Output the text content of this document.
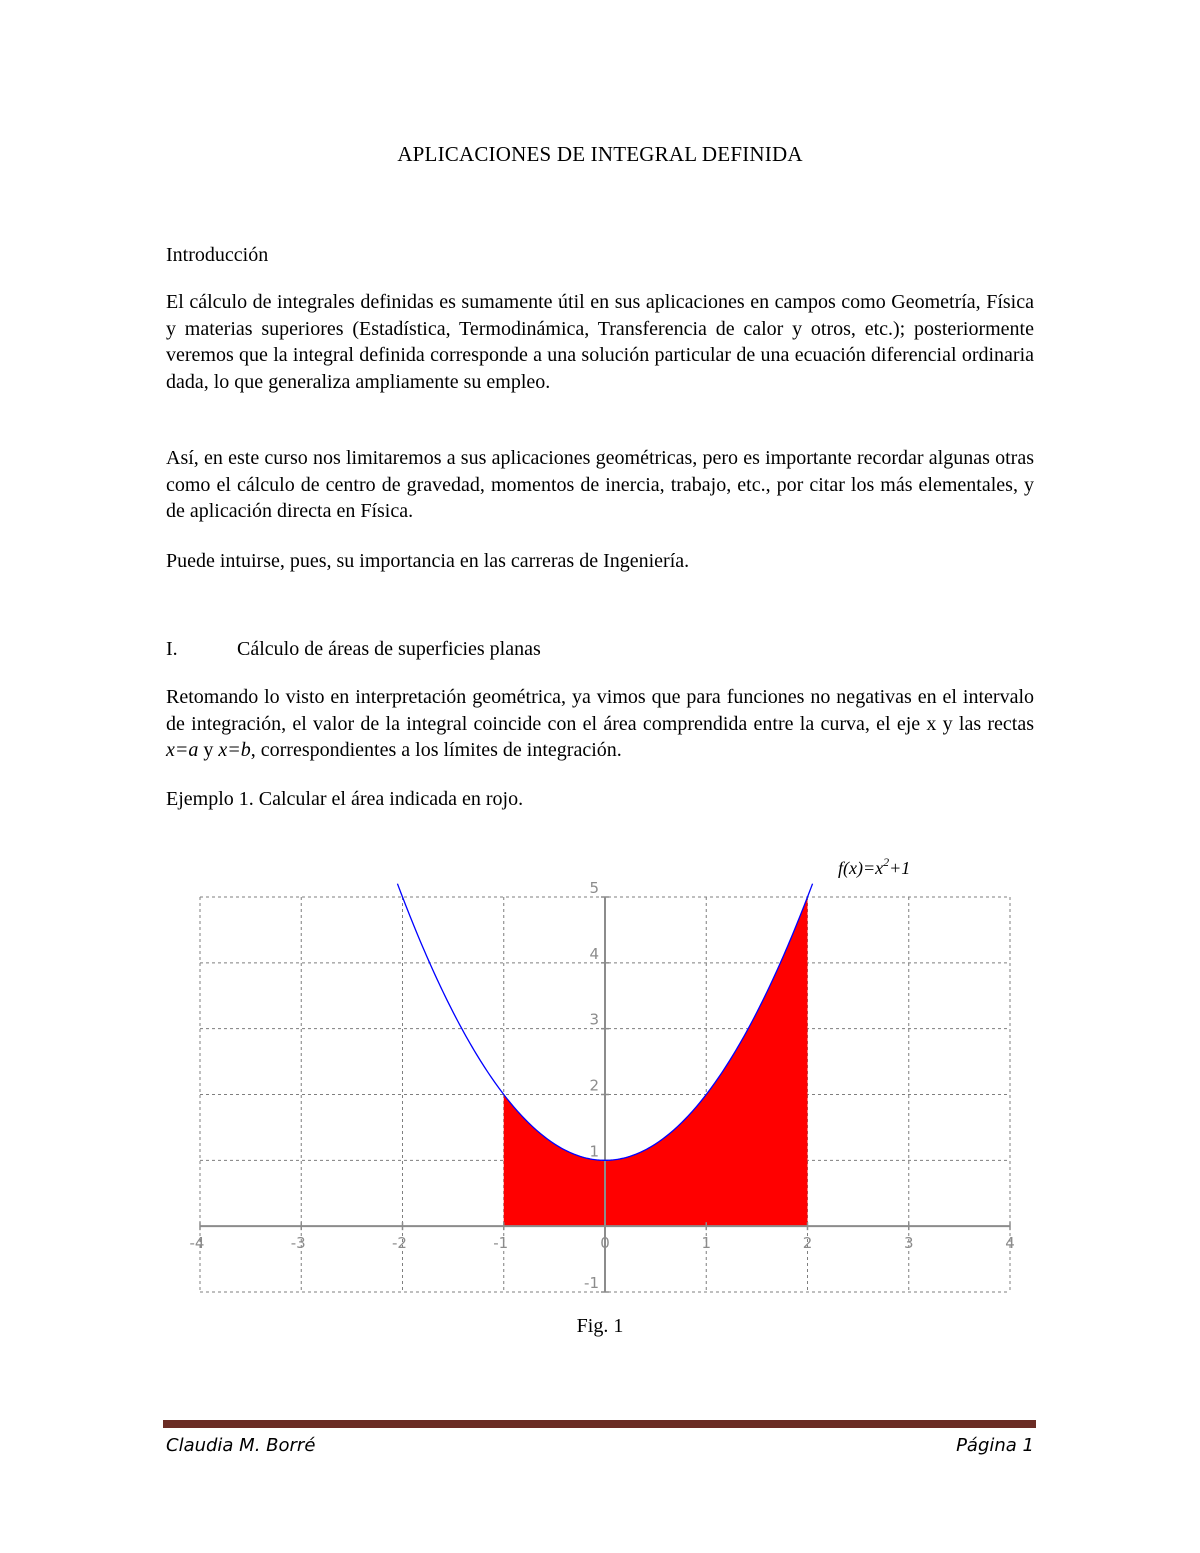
APLICACIONES DE INTEGRAL DEFINIDA

Introducción

El cálculo de integrales definidas es sumamente útil en sus aplicaciones en campos como Geometría, Física y materias superiores (Estadística, Termodinámica, Transferencia de calor y otros, etc.); posteriormente veremos que la integral definida corresponde a una solución particular de una ecuación diferencial ordinaria dada, lo que generaliza ampliamente su empleo.

Así, en este curso nos limitaremos a sus aplicaciones geométricas, pero es importante recordar algunas otras como el cálculo de centro de gravedad, momentos de inercia, trabajo, etc., por citar los más elementales, y de aplicación directa en Física.

Puede intuirse, pues, su importancia en las carreras de Ingeniería.

I.	Cálculo de áreas de superficies planas

Retomando lo visto en interpretación geométrica, ya vimos que para funciones no negativas en el intervalo de integración, el valor de la integral coincide con el área comprendida entre la curva, el eje x y las rectas x=a y x=b, correspondientes a los límites de integración.

Ejemplo 1. Calcular el área indicada en rojo.

-4	-3	-2	-1	0	1	2	3	4
-1
1
2
3
4
5
$f(x)=x^2+1$
Fig. 1
Claudia M. Borré	Página 1
